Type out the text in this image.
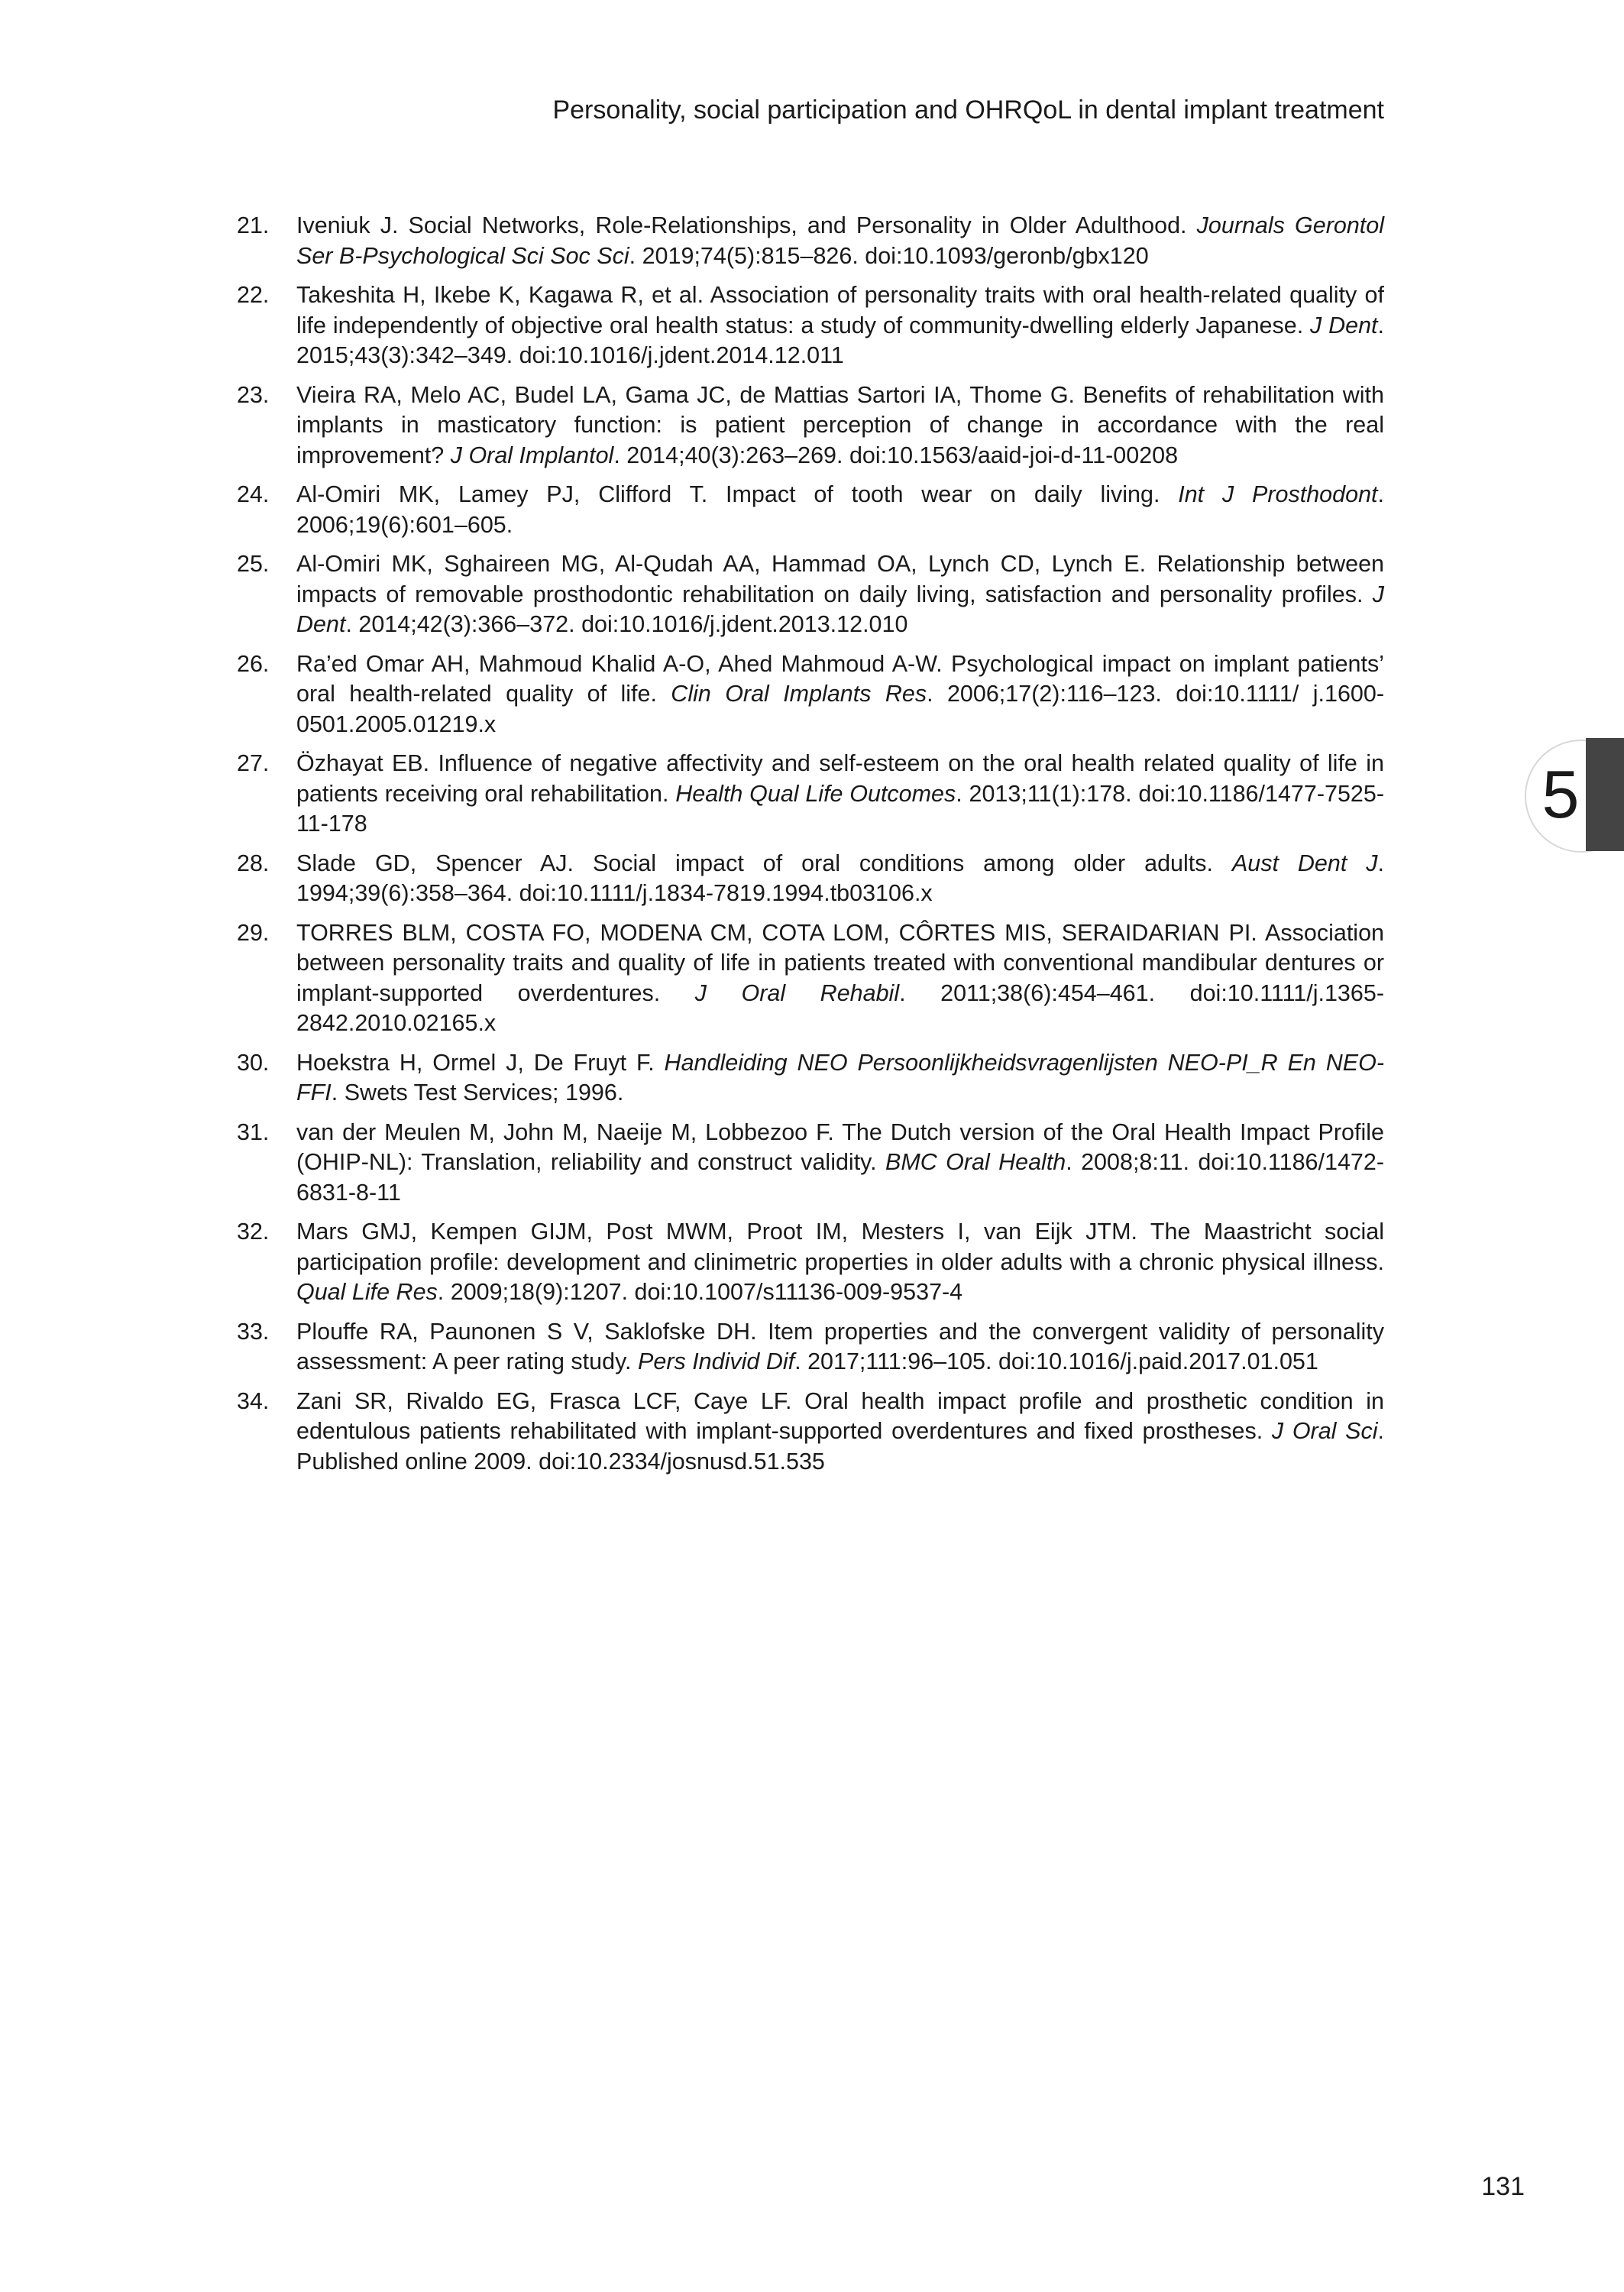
Personality, social participation and OHRQoL in dental implant treatment
21.	Iveniuk J. Social Networks, Role-Relationships, and Personality in Older Adulthood. Journals Gerontol Ser B-Psychological Sci Soc Sci. 2019;74(5):815–826. doi:10.1093/geronb/gbx120
22.	Takeshita H, Ikebe K, Kagawa R, et al. Association of personality traits with oral health-related quality of life independently of objective oral health status: a study of community-dwelling elderly Japanese. J Dent. 2015;43(3):342–349. doi:10.1016/j.jdent.2014.12.011
23.	Vieira RA, Melo AC, Budel LA, Gama JC, de Mattias Sartori IA, Thome G. Benefits of rehabilitation with implants in masticatory function: is patient perception of change in accordance with the real improvement? J Oral Implantol. 2014;40(3):263–269. doi:10.1563/aaid-joi-d-11-00208
24.	Al-Omiri MK, Lamey PJ, Clifford T. Impact of tooth wear on daily living. Int J Prosthodont. 2006;19(6):601–605.
25.	Al-Omiri MK, Sghaireen MG, Al-Qudah AA, Hammad OA, Lynch CD, Lynch E. Relationship between impacts of removable prosthodontic rehabilitation on daily living, satisfaction and personality profiles. J Dent. 2014;42(3):366–372. doi:10.1016/j.jdent.2013.12.010
26.	Ra’ed Omar AH, Mahmoud Khalid A-O, Ahed Mahmoud A-W. Psychological impact on implant patients’ oral health-related quality of life. Clin Oral Implants Res. 2006;17(2):116–123. doi:10.1111/ j.1600-0501.2005.01219.x
27.	Özhayat EB. Influence of negative affectivity and self-esteem on the oral health related quality of life in patients receiving oral rehabilitation. Health Qual Life Outcomes. 2013;11(1):178. doi:10.1186/1477-7525-11-178
28.	Slade GD, Spencer AJ. Social impact of oral conditions among older adults. Aust Dent J. 1994;39(6):358–364. doi:10.1111/j.1834-7819.1994.tb03106.x
29.	TORRES BLM, COSTA FO, MODENA CM, COTA LOM, CÔRTES MIS, SERAIDARIAN PI. Association between personality traits and quality of life in patients treated with conventional mandibular dentures or implant-supported overdentures. J Oral Rehabil. 2011;38(6):454–461. doi:10.1111/j.1365-2842.2010.02165.x
30.	Hoekstra H, Ormel J, De Fruyt F. Handleiding NEO Persoonlijkheidsvragenlijsten NEO-PI_R En NEO-FFI. Swets Test Services; 1996.
31.	van der Meulen M, John M, Naeije M, Lobbezoo F. The Dutch version of the Oral Health Impact Profile (OHIP-NL): Translation, reliability and construct validity. BMC Oral Health. 2008;8:11. doi:10.1186/1472-6831-8-11
32.	Mars GMJ, Kempen GIJM, Post MWM, Proot IM, Mesters I, van Eijk JTM. The Maastricht social participation profile: development and clinimetric properties in older adults with a chronic physical illness. Qual Life Res. 2009;18(9):1207. doi:10.1007/s11136-009-9537-4
33.	Plouffe RA, Paunonen S V, Saklofske DH. Item properties and the convergent validity of personality assessment: A peer rating study. Pers Individ Dif. 2017;111:96–105. doi:10.1016/j.paid.2017.01.051
34.	Zani SR, Rivaldo EG, Frasca LCF, Caye LF. Oral health impact profile and prosthetic condition in edentulous patients rehabilitated with implant-supported overdentures and fixed prostheses. J Oral Sci. Published online 2009. doi:10.2334/josnusd.51.535
5
131
